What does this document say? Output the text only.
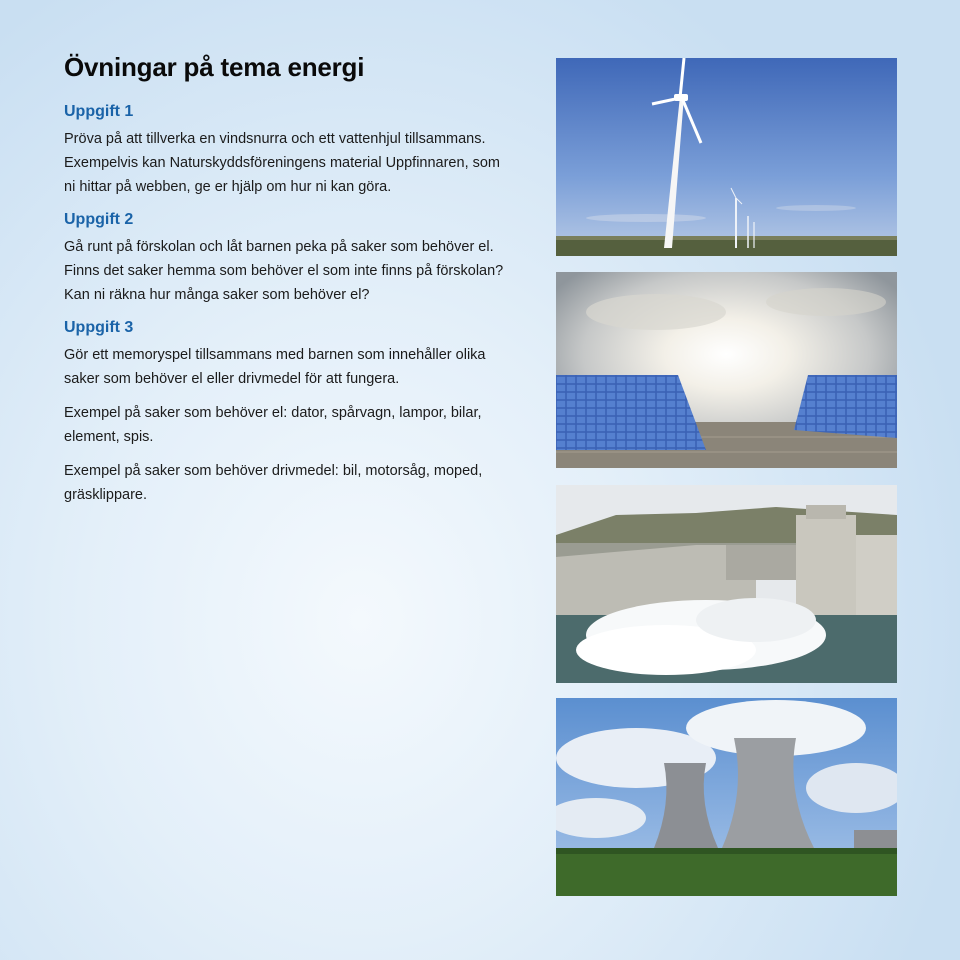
Övningar på tema energi
Uppgift 1

Pröva på att tillverka en vindsnurra och ett vattenhjul tillsammans. Exempelvis kan Naturskyddsföreningens material Uppfinnaren, som ni hittar på webben, ge er hjälp om hur ni kan göra.

Uppgift 2

Gå runt på förskolan och låt barnen peka på saker som behöver el. Finns det saker hemma som behöver el som inte finns på förskolan? Kan ni räkna hur många saker som behöver el?

Uppgift 3

Gör ett memoryspel tillsammans med barnen som innehåller olika saker som behöver el eller drivmedel för att fungera.

Exempel på saker som behöver el: dator, spårvagn, lampor, bilar, element, spis.

Exempel på saker som behöver drivmedel: bil, motorsåg, moped, gräsklippare.
